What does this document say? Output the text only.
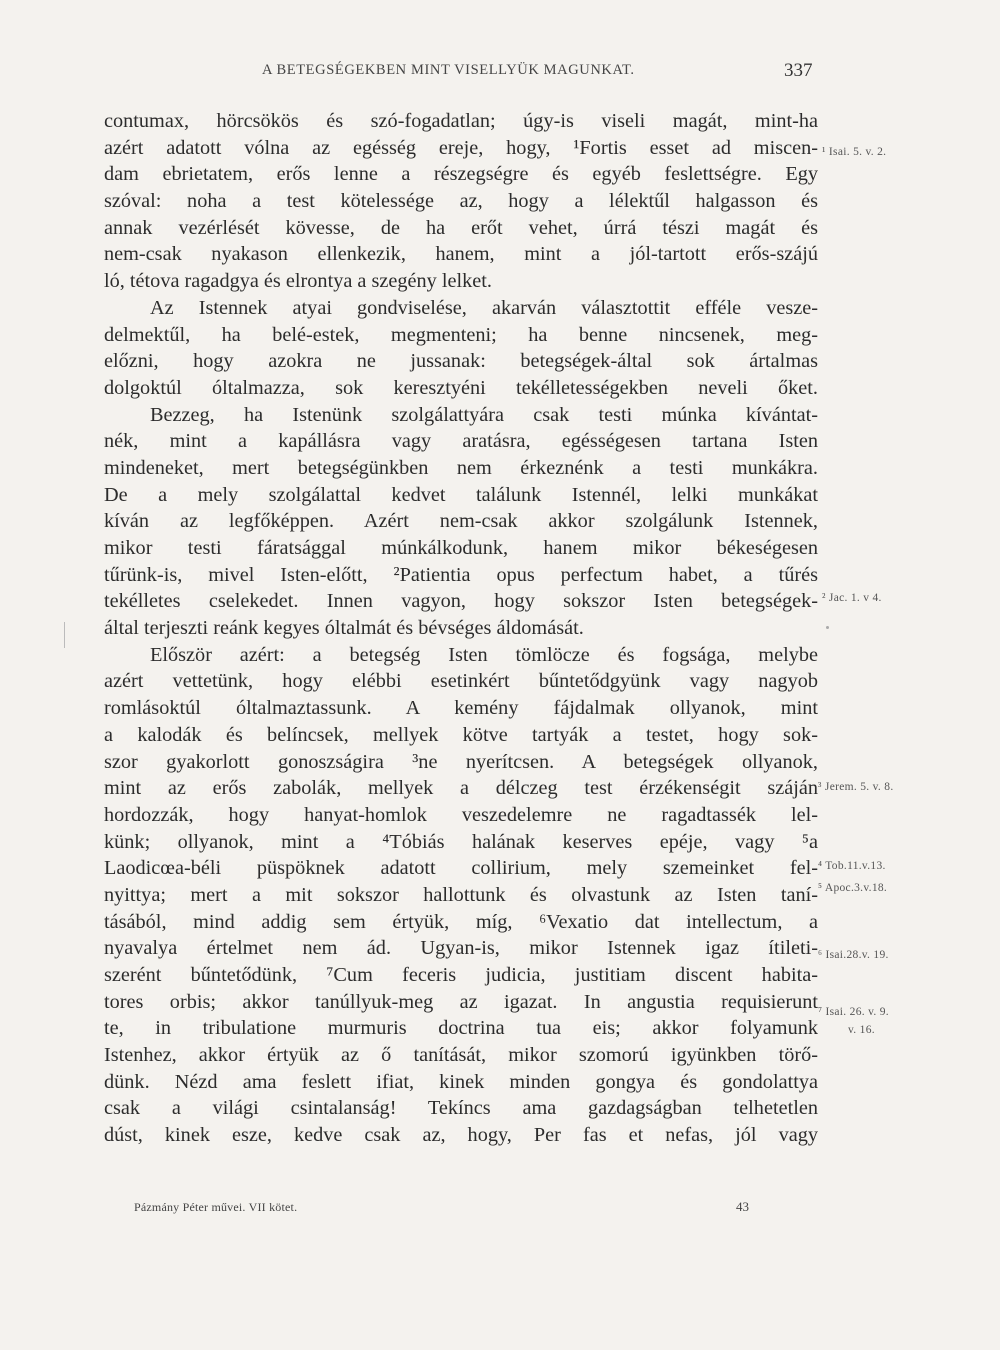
A BETEGSÉGEKBEN MINT VISELLYÜK MAGUNKAT.	337
contumax, hörcsökös és szó-fogadatlan; úgy-is viseli magát, mint-ha
azért adatott vólna az egésség ereje, hogy, ¹Fortis esset ad miscen-
dam ebrietatem, erős lenne a részegségre és egyéb feslettségre. Egy
szóval: noha a test kötelessége az, hogy a lélektűl halgasson és
annak vezérlését kövesse, de ha erőt vehet, úrrá tészi magát és
nem-csak nyakason ellenkezik, hanem, mint a jól-tartott erős-szájú
ló, tétova ragadgya és elrontya a szegény lelket.
Az Istennek atyai gondviselése, akarván választottit efféle vesze-
delmektűl, ha belé-estek, megmenteni; ha benne nincsenek, meg-
előzni, hogy azokra ne jussanak: betegségek-által sok ártalmas
dolgoktúl óltalmazza, sok keresztyéni tekélletességekben neveli őket.
Bezzeg, ha Istenünk szolgálattyára csak testi múnka kívántat-
nék, mint a kapállásra vagy aratásra, egésségesen tartana Isten
mindeneket, mert betegségünkben nem érkeznénk a testi munkákra.
De a mely szolgálattal kedvet találunk Istennél, lelki munkákat
kíván az legfőképpen. Azért nem-csak akkor szolgálunk Istennek,
mikor testi fáratsággal múnkálkodunk, hanem mikor békeségesen
tűrünk-is, mivel Isten-előtt, ²Patientia opus perfectum habet, a tűrés
tekélletes cselekedet. Innen vagyon, hogy sokszor Isten betegségek-
által terjeszti reánk kegyes óltalmát és bévséges áldomását.
Először azért: a betegség Isten tömlöcze és fogsága, melybe
azért vettetünk, hogy elébbi esetinkért bűntetődgyünk vagy nagyob
romlásoktúl óltalmaztassunk. A kemény fájdalmak ollyanok, mint
a kalodák és belíncsek, mellyek kötve tartyák a testet, hogy sok-
szor gyakorlott gonoszságira ³ne nyerítcsen. A betegségek ollyanok,
mint az erős zabolák, mellyek a délczeg test érzékenségit száján
hordozzák, hogy hanyat-homlok veszedelemre ne ragadtassék lel-
künk; ollyanok, mint a ⁴Tóbiás halának keserves epéje, vagy ⁵a
Laodicœa-béli püspöknek adatott collirium, mely szemeinket fel-
nyittya; mert a mit sokszor hallottunk és olvastunk az Isten taní-
tásából, mind addig sem értyük, míg, ⁶Vexatio dat intellectum, a
nyavalya értelmet nem ád. Ugyan-is, mikor Istennek igaz ítileti-
szerént bűntetődünk, ⁷Cum feceris judicia, justitiam discent habita-
tores orbis; akkor tanúllyuk-meg az igazat. In angustia requisierunt
te, in tribulatione murmuris doctrina tua eis; akkor folyamunk
Istenhez, akkor értyük az ő tanítását, mikor szomorú igyünkben törő-
dünk. Nézd ama feslett ifiat, kinek minden gongya és gondolattya
csak a világi csintalanság! Tekíncs ama gazdagságban telhetetlen
dúst, kinek esze, kedve csak az, hogy, Per fas et nefas, jól vagy
¹ Isai. 5. v. 2.
² Jac. 1. v 4.
³ Jerem. 5. v. 8.
⁴ Tob.11.v.13.
⁵ Apoc.3.v.18.
⁶ Isai.28.v. 19.
⁷ Isai. 26. v. 9.
v. 16.
Pázmány Péter művei. VII kötet.	43
